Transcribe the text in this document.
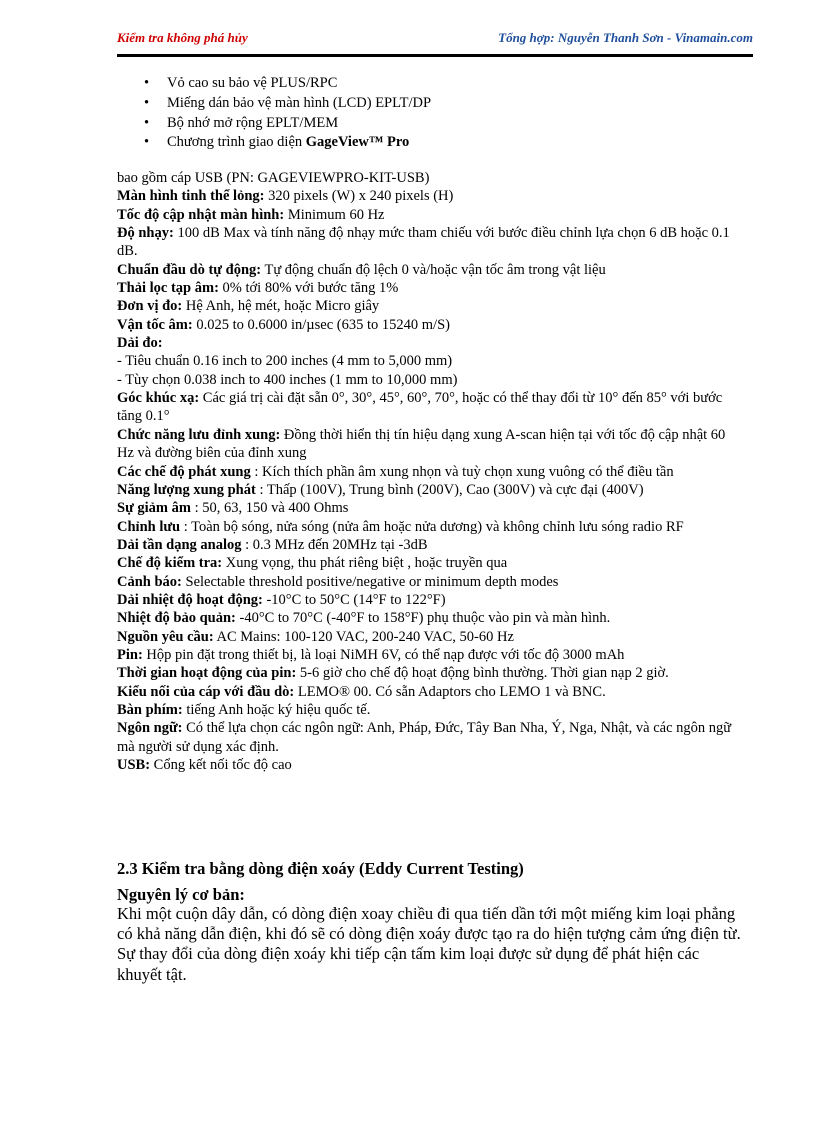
Kiểm tra không phá hủy	Tổng hợp: Nguyễn Thanh Sơn - Vinamain.com
• Vỏ cao su bảo vệ PLUS/RPC
• Miếng dán bảo vệ màn hình (LCD) EPLT/DP
• Bộ nhớ mở rộng EPLT/MEM
• Chương trình giao diện GageView™ Pro

bao gồm cáp USB (PN: GAGEVIEWPRO-KIT-USB)

Màn hình tinh thể lỏng: 320 pixels (W) x 240 pixels (H)

Tốc độ cập nhật màn hình: Minimum 60 Hz

Độ nhạy: 100 dB Max và tính năng độ nhạy mức tham chiếu với bước điều chỉnh lựa chọn 6 dB hoặc 0.1 dB.

Chuẩn đầu dò tự động: Tự động chuẩn độ lệch 0 và/hoặc vận tốc âm trong vật liệu

Thải lọc tạp âm: 0% tới 80% với bước tăng 1%

Đơn vị đo: Hệ Anh, hệ mét, hoặc Micro giây

Vận tốc âm: 0.025 to 0.6000 in/µsec (635 to 15240 m/S)

Dải đo:

- Tiêu chuẩn 0.16 inch to 200 inches (4 mm to 5,000 mm)

- Tùy chọn 0.038 inch to 400 inches (1 mm to 10,000 mm)

Góc khúc xạ: Các giá trị cài đặt sẵn 0°, 30°, 45°, 60°, 70°, hoặc có thể thay đổi từ 10° đến 85° với bước tăng 0.1°

Chức năng lưu đỉnh xung: Đồng thời hiển thị tín hiệu dạng xung A-scan hiện tại với tốc độ cập nhật 60 Hz và đường biên của đỉnh xung

Các chế độ phát xung : Kích thích phần âm xung nhọn và tuỳ chọn xung vuông có thể điều tần

Năng lượng xung phát : Thấp (100V), Trung bình (200V), Cao (300V) và cực đại (400V)

Sự giảm âm : 50, 63, 150 và 400 Ohms

Chỉnh lưu : Toàn bộ sóng, nửa sóng (nửa âm hoặc nửa dương) và không chỉnh lưu sóng radio RF

Dải tần dạng analog : 0.3 MHz đến 20MHz tại -3dB

Chế độ kiểm tra: Xung vọng, thu phát riêng biệt , hoặc truyền qua

Cảnh báo: Selectable threshold positive/negative or minimum depth modes

Dải nhiệt độ hoạt động: -10°C to 50°C (14°F to 122°F)

Nhiệt độ bảo quản: -40°C to 70°C (-40°F to 158°F) phụ thuộc vào pin và màn hình.

Nguồn yêu cầu: AC Mains: 100-120 VAC, 200-240 VAC, 50-60 Hz

Pin: Hộp pin đặt trong thiết bị, là loại NiMH 6V, có thể nạp được với tốc độ 3000 mAh

Thời gian hoạt động của pin: 5-6 giờ cho chế độ hoạt động bình thường. Thời gian nạp 2 giờ.

Kiểu nối của cáp với đầu dò: LEMO® 00. Có sẵn Adaptors cho LEMO 1 và BNC.

Bàn phím: tiếng Anh hoặc ký hiệu quốc tế.

Ngôn ngữ: Có thể lựa chọn các ngôn ngữ: Anh, Pháp, Đức, Tây Ban Nha, Ý, Nga, Nhật, và các ngôn ngữ mà người sử dụng xác định.

USB: Cổng kết nối tốc độ cao

2.3 Kiểm tra bằng dòng điện xoáy (Eddy Current Testing)
Nguyên lý cơ bản:
Khi một cuộn dây dẫn, có dòng điện xoay chiều đi qua tiến dần tới một miếng kim loại phẳng có khả năng dẫn điện, khi đó sẽ có dòng điện xoáy được tạo ra do hiện tượng cảm ứng điện từ. Sự thay đổi của dòng điện xoáy khi tiếp cận tấm kim loại được sử dụng để phát hiện các khuyết tật.
